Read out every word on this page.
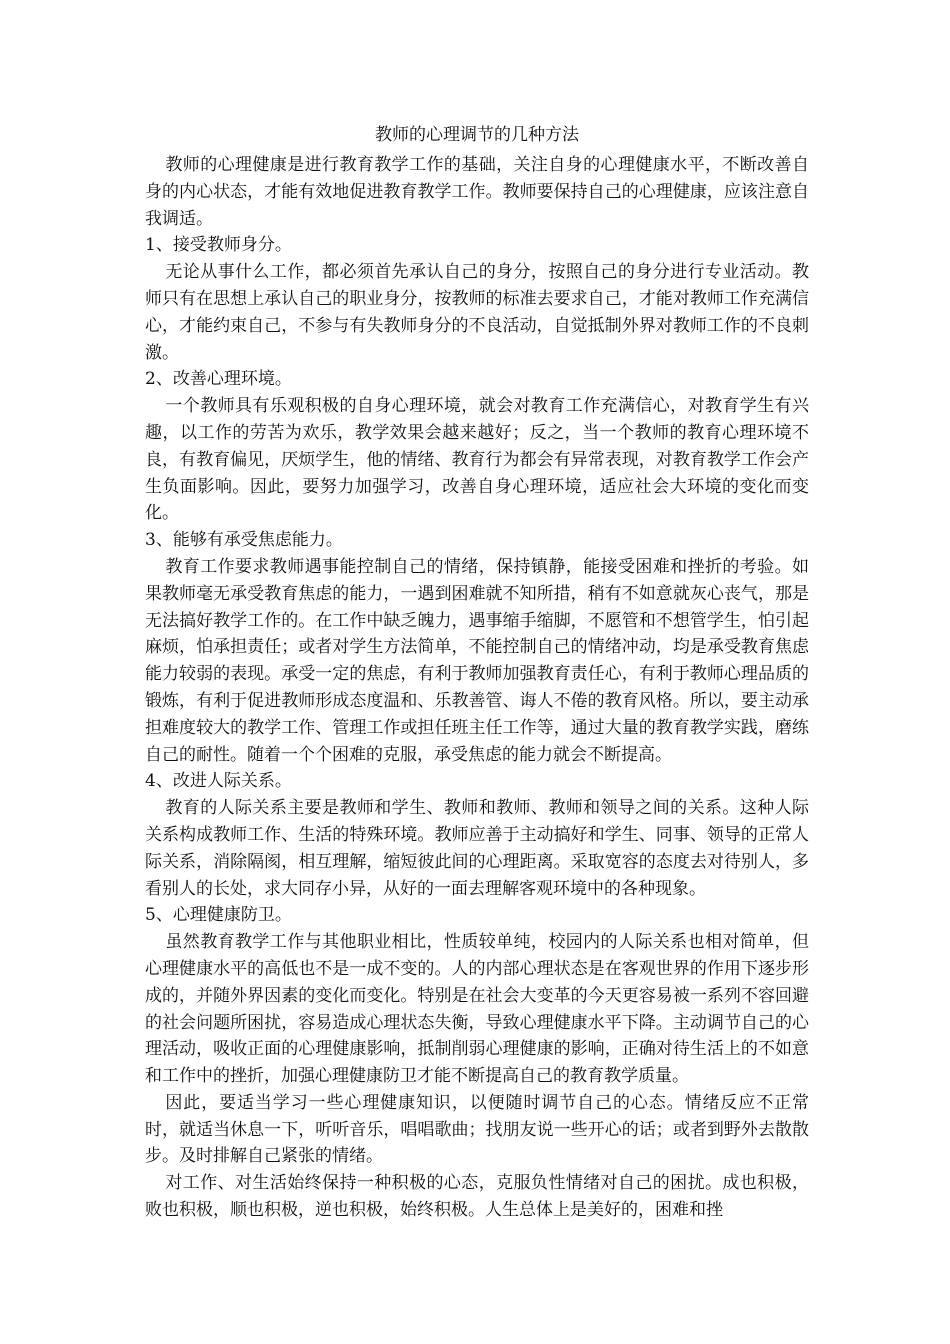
教师的心理调节的几种方法

教师的心理健康是进行教育教学工作的基础，关注自身的心理健康水平，不断改善自身的内心状态，才能有效地促进教育教学工作。教师要保持自己的心理健康，应该注意自我调适。

1、接受教师身分。

无论从事什么工作，都必须首先承认自己的身分，按照自己的身分进行专业活动。教师只有在思想上承认自己的职业身分，按教师的标准去要求自己，才能对教师工作充满信心，才能约束自己，不参与有失教师身分的不良活动，自觉抵制外界对教师工作的不良刺激。

2、改善心理环境。

一个教师具有乐观积极的自身心理环境，就会对教育工作充满信心，对教育学生有兴趣，以工作的劳苦为欢乐，教学效果会越来越好；反之，当一个教师的教育心理环境不良，有教育偏见，厌烦学生，他的情绪、教育行为都会有异常表现，对教育教学工作会产生负面影响。因此，要努力加强学习，改善自身心理环境，适应社会大环境的变化而变化。

3、能够有承受焦虑能力。

教育工作要求教师遇事能控制自己的情绪，保持镇静，能接受困难和挫折的考验。如果教师毫无承受教育焦虑的能力，一遇到困难就不知所措，稍有不如意就灰心丧气，那是无法搞好教学工作的。在工作中缺乏魄力，遇事缩手缩脚，不愿管和不想管学生，怕引起麻烦，怕承担责任；或者对学生方法简单，不能控制自己的情绪冲动，均是承受教育焦虑能力较弱的表现。承受一定的焦虑，有利于教师加强教育责任心，有利于教师心理品质的锻炼，有利于促进教师形成态度温和、乐教善管、诲人不倦的教育风格。所以，要主动承担难度较大的教学工作、管理工作或担任班主任工作等，通过大量的教育教学实践，磨练自己的耐性。随着一个个困难的克服，承受焦虑的能力就会不断提高。

4、改进人际关系。

教育的人际关系主要是教师和学生、教师和教师、教师和领导之间的关系。这种人际关系构成教师工作、生活的特殊环境。教师应善于主动搞好和学生、同事、领导的正常人际关系，消除隔阂，相互理解，缩短彼此间的心理距离。采取宽容的态度去对待别人，多看别人的长处，求大同存小异，从好的一面去理解客观环境中的各种现象。

5、心理健康防卫。

虽然教育教学工作与其他职业相比，性质较单纯，校园内的人际关系也相对简单，但心理健康水平的高低也不是一成不变的。人的内部心理状态是在客观世界的作用下逐步形成的，并随外界因素的变化而变化。特别是在社会大变革的今天更容易被一系列不容回避的社会问题所困扰，容易造成心理状态失衡，导致心理健康水平下降。主动调节自己的心理活动，吸收正面的心理健康影响，抵制削弱心理健康的影响，正确对待生活上的不如意和工作中的挫折，加强心理健康防卫才能不断提高自己的教育教学质量。

因此，要适当学习一些心理健康知识，以便随时调节自己的心态。情绪反应不正常时，就适当休息一下，听听音乐，唱唱歌曲；找朋友说一些开心的话；或者到野外去散散步。及时排解自己紧张的情绪。

对工作、对生活始终保持一种积极的心态，克服负性情绪对自己的困扰。成也积极，败也积极，顺也积极，逆也积极，始终积极。人生总体上是美好的，困难和挫
